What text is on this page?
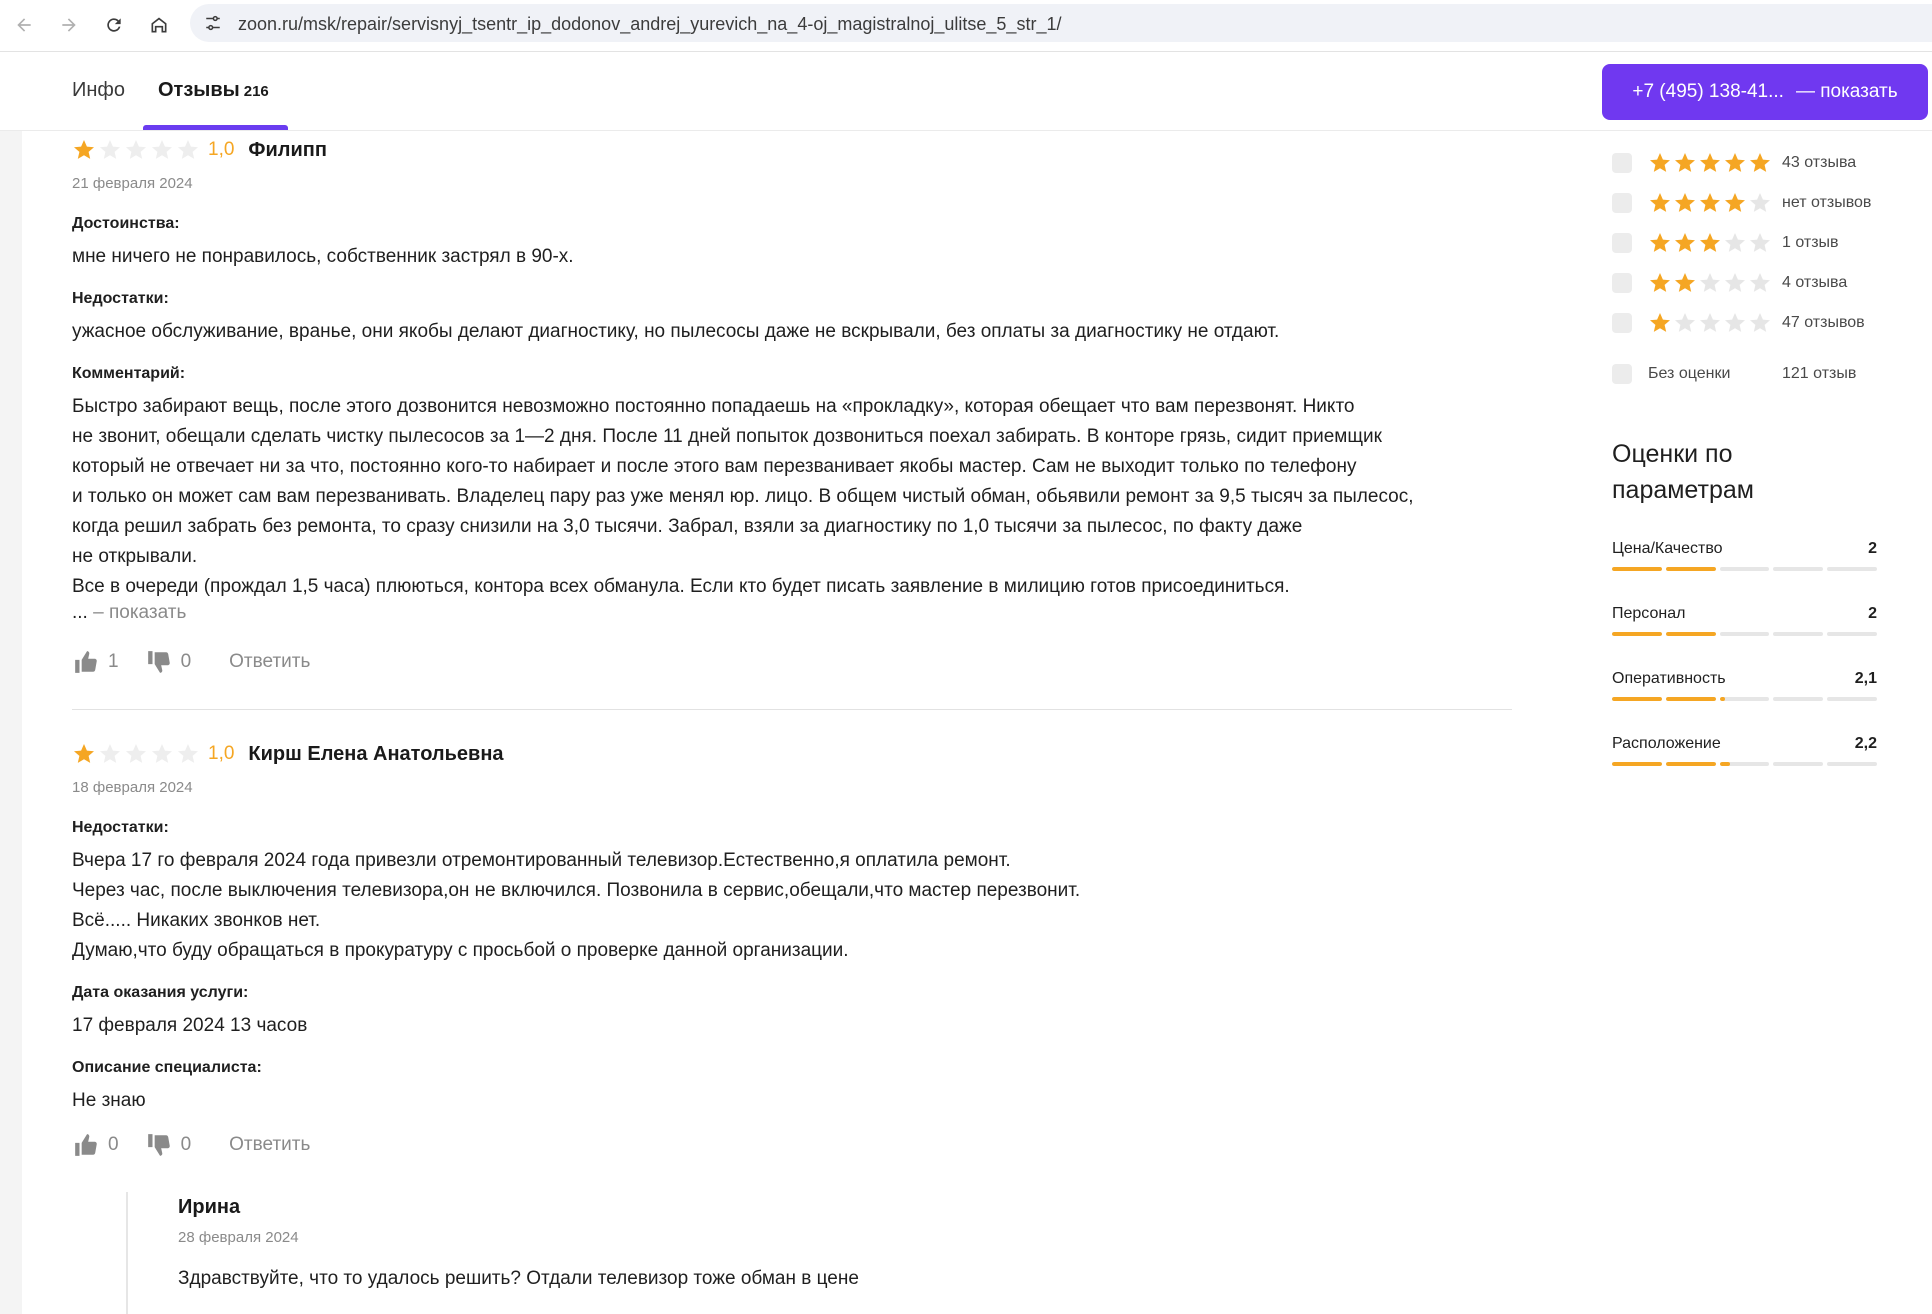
zoon.ru/msk/repair/servisnyj_tsentr_ip_dodonov_andrej_yurevich_na_4-oj_magistralnoj_ulitse_5_str_1/
Инфо Отзывы 216	+7 (495) 138-41... — показать
1,0 Филипп
21 февраля 2024
Достоинства:
мне ничего не понравилось, собственник застрял в 90-х.
Недостатки:
ужасное обслуживание, вранье, они якобы делают диагностику, но пылесосы даже не вскрывали, без оплаты за диагностику не отдают.
Комментарий:
Быстро забирают вещь, после этого дозвонится невозможно постоянно попадаешь на «прокладку», которая обещает что вам перезвонят. Никто
не звонит, обещали сделать чистку пылесосов за 1—2 дня. После 11 дней попыток дозвониться поехал забирать. В конторе грязь, сидит приемщик
который не отвечает ни за что, постоянно кого-то набирает и после этого вам перезванивает якобы мастер. Сам не выходит только по телефону
и только он может сам вам перезванивать. Владелец пару раз уже менял юр. лицо. В общем чистый обман, обьявили ремонт за 9,5 тысяч за пылесос,
когда решил забрать без ремонта, то сразу снизили на 3,0 тысячи. Забрал, взяли за диагностику по 1,0 тысячи за пылесос, по факту даже
не открывали.
Все в очереди (прождал 1,5 часа) плюються, контора всех обманула. Если кто будет писать заявление в милицию готов присоединиться.
... – показать
1	0 Ответить
1,0 Кирш Елена Анатольевна
18 февраля 2024
Недостатки:
Вчера 17 го февраля 2024 года привезли отремонтированный телевизор.Естественно,я оплатила ремонт.
Через час, после выключения телевизора,он не включился. Позвонила в сервис,обещали,что мастер перезвонит.
Всё..... Никаких звонков нет.
Думаю,что буду обращаться в прокуратуру с просьбой о проверке данной организации.
Дата оказания услуги:
17 февраля 2024 13 часов
Описание специалиста:
Не знаю
0	0 Ответить
Ирина
28 февраля 2024
Здравствуйте, что то удалось решить? Отдали телевизор тоже обман в цене
43 отзыва
нет отзывов
1 отзыв
4 отзыва
47 отзывов
Без оценки	121 отзыв
Оценки по
параметрам
Цена/Качество	2
Персонал	2
Оперативность	2,1
Расположение	2,2
